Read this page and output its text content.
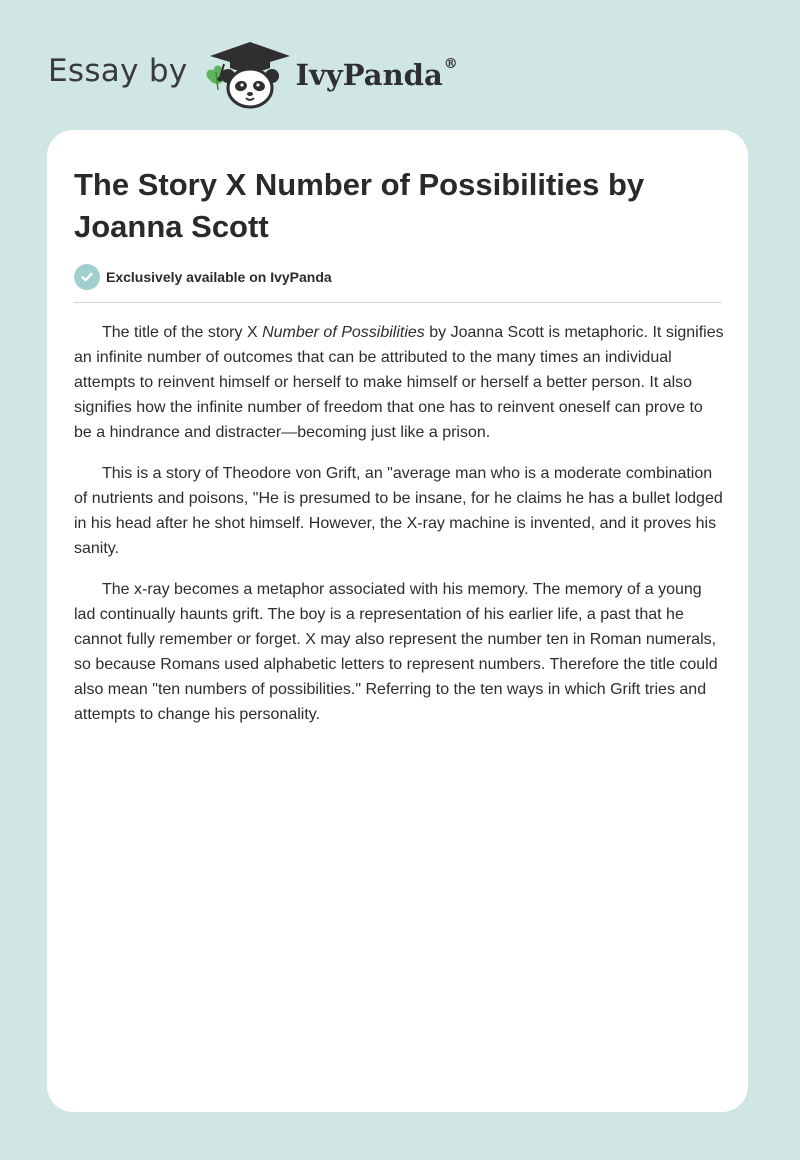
Essay by	IvyPanda®
The Story X Number of Possibilities by Joanna Scott
Exclusively available on IvyPanda

The title of the story X Number of Possibilities by Joanna Scott is metaphoric. It signifies an infinite number of outcomes that can be attributed to the many times an individual attempts to reinvent himself or herself to make himself or herself a better person. It also signifies how the infinite number of freedom that one has to reinvent oneself can prove to be a hindrance and distracter—becoming just like a prison.

This is a story of Theodore von Grift, an "average man who is a moderate combination of nutrients and poisons, "He is presumed to be insane, for he claims he has a bullet lodged in his head after he shot himself. However, the X-ray machine is invented, and it proves his sanity.

The x-ray becomes a metaphor associated with his memory. The memory of a young lad continually haunts grift. The boy is a representation of his earlier life, a past that he cannot fully remember or forget. X may also represent the number ten in Roman numerals, so because Romans used alphabetic letters to represent numbers. Therefore the title could also mean "ten numbers of possibilities." Referring to the ten ways in which Grift tries and attempts to change his personality.
